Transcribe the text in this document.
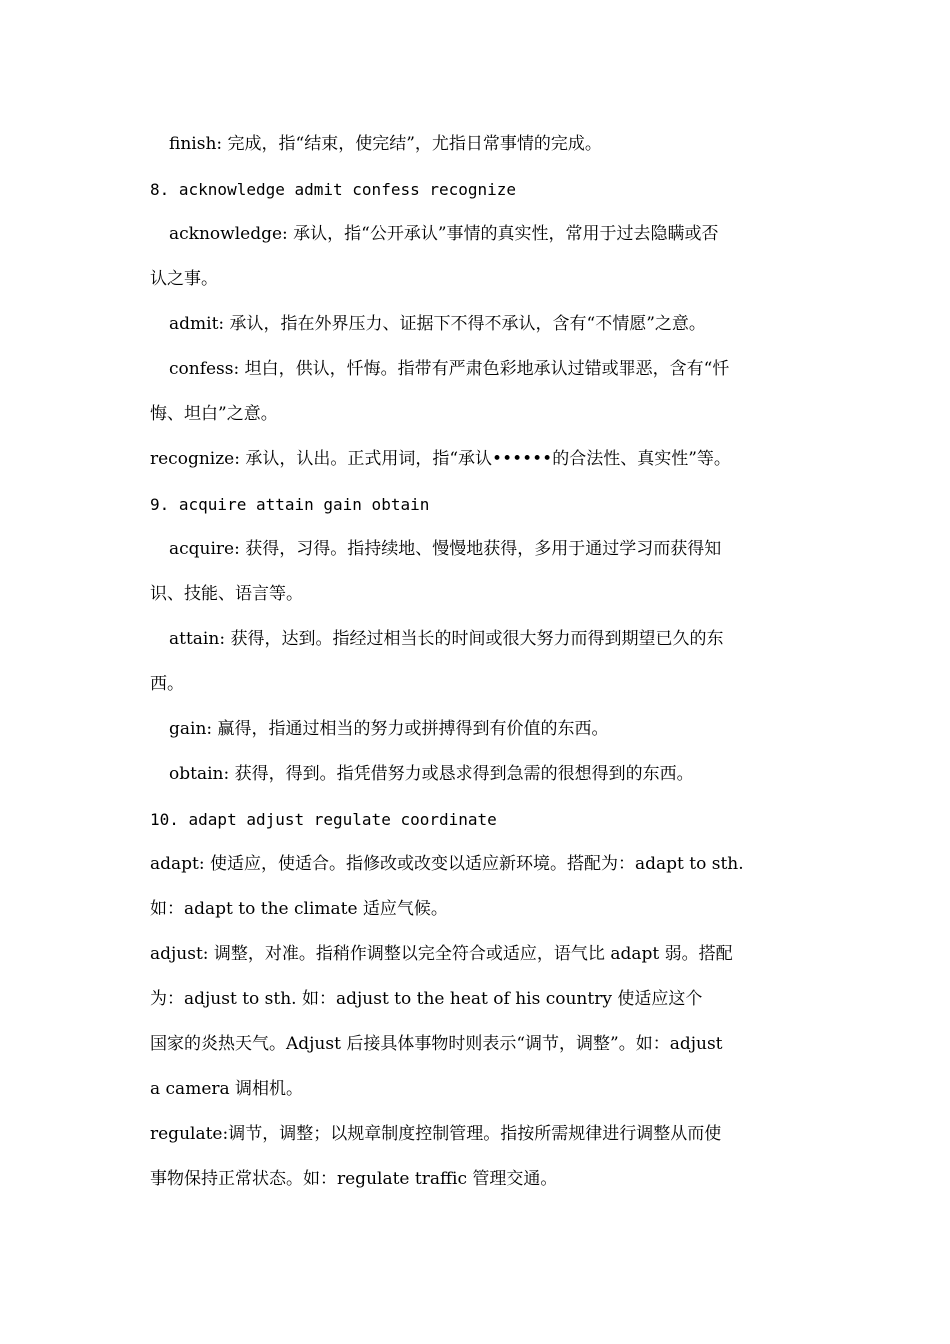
finish: 完成，指“结束，使完结”，尤指日常事情的完成。
8. acknowledge admit confess recognize
acknowledge: 承认，指“公开承认”事情的真实性，常用于过去隐瞒或否
认之事。
admit: 承认，指在外界压力、证据下不得不承认，含有“不情愿”之意。
confess: 坦白，供认，忏悔。指带有严肃色彩地承认过错或罪恶，含有“忏
悔、坦白”之意。
recognize: 承认，认出。正式用词，指“承认••••••的合法性、真实性”等。
9. acquire attain gain obtain
acquire: 获得，习得。指持续地、慢慢地获得，多用于通过学习而获得知
识、技能、语言等。
attain: 获得，达到。指经过相当长的时间或很大努力而得到期望已久的东
西。
gain: 赢得，指通过相当的努力或拼搏得到有价值的东西。
obtain: 获得，得到。指凭借努力或恳求得到急需的很想得到的东西。
10. adapt adjust regulate coordinate
adapt: 使适应，使适合。指修改或改变以适应新环境。搭配为：adapt to sth.
如：adapt to the climate 适应气候。
adjust: 调整，对准。指稍作调整以完全符合或适应，语气比 adapt 弱。搭配
为：adjust to sth. 如：adjust to the heat of his country 使适应这个
国家的炎热天气。Adjust 后接具体事物时则表示“调节，调整”。如：adjust
a camera 调相机。
regulate:调节，调整；以规章制度控制管理。指按所需规律进行调整从而使
事物保持正常状态。如：regulate traffic 管理交通。
